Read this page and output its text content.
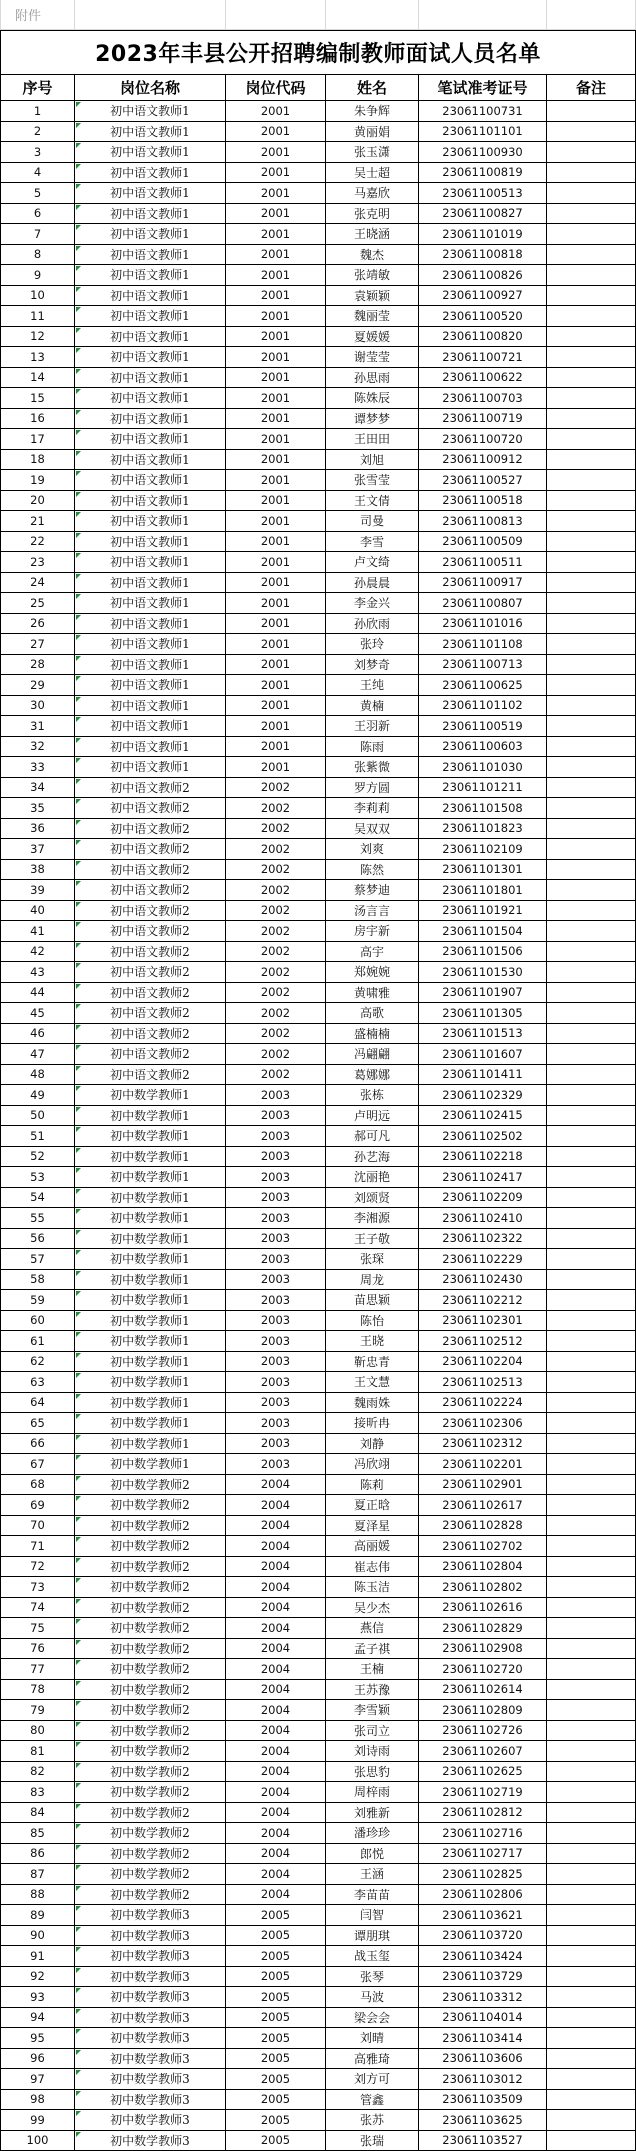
附件
2023年丰县公开招聘编制教师面试人员名单
序号	岗位名称	岗位代码	姓名	笔试准考证号	备注
1	初中语文教师1	2001	朱争辉	23061100731
2	初中语文教师1	2001	黄丽娟	23061101101
3	初中语文教师1	2001	张玉潇	23061100930
4	初中语文教师1	2001	吴士超	23061100819
5	初中语文教师1	2001	马嘉欣	23061100513
6	初中语文教师1	2001	张克明	23061100827
7	初中语文教师1	2001	王晓涵	23061101019
8	初中语文教师1	2001	魏杰	23061100818
9	初中语文教师1	2001	张靖敏	23061100826
10	初中语文教师1	2001	袁颖颖	23061100927
11	初中语文教师1	2001	魏丽莹	23061100520
12	初中语文教师1	2001	夏媛媛	23061100820
13	初中语文教师1	2001	谢莹莹	23061100721
14	初中语文教师1	2001	孙思雨	23061100622
15	初中语文教师1	2001	陈姝辰	23061100703
16	初中语文教师1	2001	谭梦梦	23061100719
17	初中语文教师1	2001	王田田	23061100720
18	初中语文教师1	2001	刘旭	23061100912
19	初中语文教师1	2001	张雪莹	23061100527
20	初中语文教师1	2001	王文倩	23061100518
21	初中语文教师1	2001	司曼	23061100813
22	初中语文教师1	2001	李雪	23061100509
23	初中语文教师1	2001	卢文绮	23061100511
24	初中语文教师1	2001	孙晨晨	23061100917
25	初中语文教师1	2001	李金兴	23061100807
26	初中语文教师1	2001	孙欣雨	23061101016
27	初中语文教师1	2001	张玲	23061101108
28	初中语文教师1	2001	刘梦奇	23061100713
29	初中语文教师1	2001	王纯	23061100625
30	初中语文教师1	2001	黄楠	23061101102
31	初中语文教师1	2001	王羽新	23061100519
32	初中语文教师1	2001	陈雨	23061100603
33	初中语文教师1	2001	张紫微	23061101030
34	初中语文教师2	2002	罗方圆	23061101211
35	初中语文教师2	2002	李莉莉	23061101508
36	初中语文教师2	2002	吴双双	23061101823
37	初中语文教师2	2002	刘爽	23061102109
38	初中语文教师2	2002	陈然	23061101301
39	初中语文教师2	2002	蔡梦迪	23061101801
40	初中语文教师2	2002	汤言言	23061101921
41	初中语文教师2	2002	房宇新	23061101504
42	初中语文教师2	2002	高宇	23061101506
43	初中语文教师2	2002	郑婉婉	23061101530
44	初中语文教师2	2002	黄啸雅	23061101907
45	初中语文教师2	2002	高歌	23061101305
46	初中语文教师2	2002	盛楠楠	23061101513
47	初中语文教师2	2002	冯翩翩	23061101607
48	初中语文教师2	2002	葛娜娜	23061101411
49	初中数学教师1	2003	张栋	23061102329
50	初中数学教师1	2003	卢明远	23061102415
51	初中数学教师1	2003	郝可凡	23061102502
52	初中数学教师1	2003	孙艺海	23061102218
53	初中数学教师1	2003	沈丽艳	23061102417
54	初中数学教师1	2003	刘颂贤	23061102209
55	初中数学教师1	2003	李湘源	23061102410
56	初中数学教师1	2003	王子敬	23061102322
57	初中数学教师1	2003	张琛	23061102229
58	初中数学教师1	2003	周龙	23061102430
59	初中数学教师1	2003	苗思颖	23061102212
60	初中数学教师1	2003	陈怡	23061102301
61	初中数学教师1	2003	王晓	23061102512
62	初中数学教师1	2003	靳忠青	23061102204
63	初中数学教师1	2003	王文慧	23061102513
64	初中数学教师1	2003	魏雨姝	23061102224
65	初中数学教师1	2003	接昕冉	23061102306
66	初中数学教师1	2003	刘静	23061102312
67	初中数学教师1	2003	冯欣翊	23061102201
68	初中数学教师2	2004	陈莉	23061102901
69	初中数学教师2	2004	夏正晗	23061102617
70	初中数学教师2	2004	夏泽星	23061102828
71	初中数学教师2	2004	高丽媛	23061102702
72	初中数学教师2	2004	崔志伟	23061102804
73	初中数学教师2	2004	陈玉洁	23061102802
74	初中数学教师2	2004	吴少杰	23061102616
75	初中数学教师2	2004	燕信	23061102829
76	初中数学教师2	2004	孟子祺	23061102908
77	初中数学教师2	2004	王楠	23061102720
78	初中数学教师2	2004	王苏豫	23061102614
79	初中数学教师2	2004	李雪颖	23061102809
80	初中数学教师2	2004	张司立	23061102726
81	初中数学教师2	2004	刘诗雨	23061102607
82	初中数学教师2	2004	张思豹	23061102625
83	初中数学教师2	2004	周梓雨	23061102719
84	初中数学教师2	2004	刘雅新	23061102812
85	初中数学教师2	2004	潘珍珍	23061102716
86	初中数学教师2	2004	郎悦	23061102717
87	初中数学教师2	2004	王涵	23061102825
88	初中数学教师2	2004	李苗苗	23061102806
89	初中数学教师3	2005	闫智	23061103621
90	初中数学教师3	2005	谭朋琪	23061103720
91	初中数学教师3	2005	战玉玺	23061103424
92	初中数学教师3	2005	张琴	23061103729
93	初中数学教师3	2005	马波	23061103312
94	初中数学教师3	2005	梁会会	23061104014
95	初中数学教师3	2005	刘晴	23061103414
96	初中数学教师3	2005	高雅琦	23061103606
97	初中数学教师3	2005	刘方可	23061103012
98	初中数学教师3	2005	管鑫	23061103509
99	初中数学教师3	2005	张苏	23061103625
100	初中数学教师3	2005	张瑞	23061103527
